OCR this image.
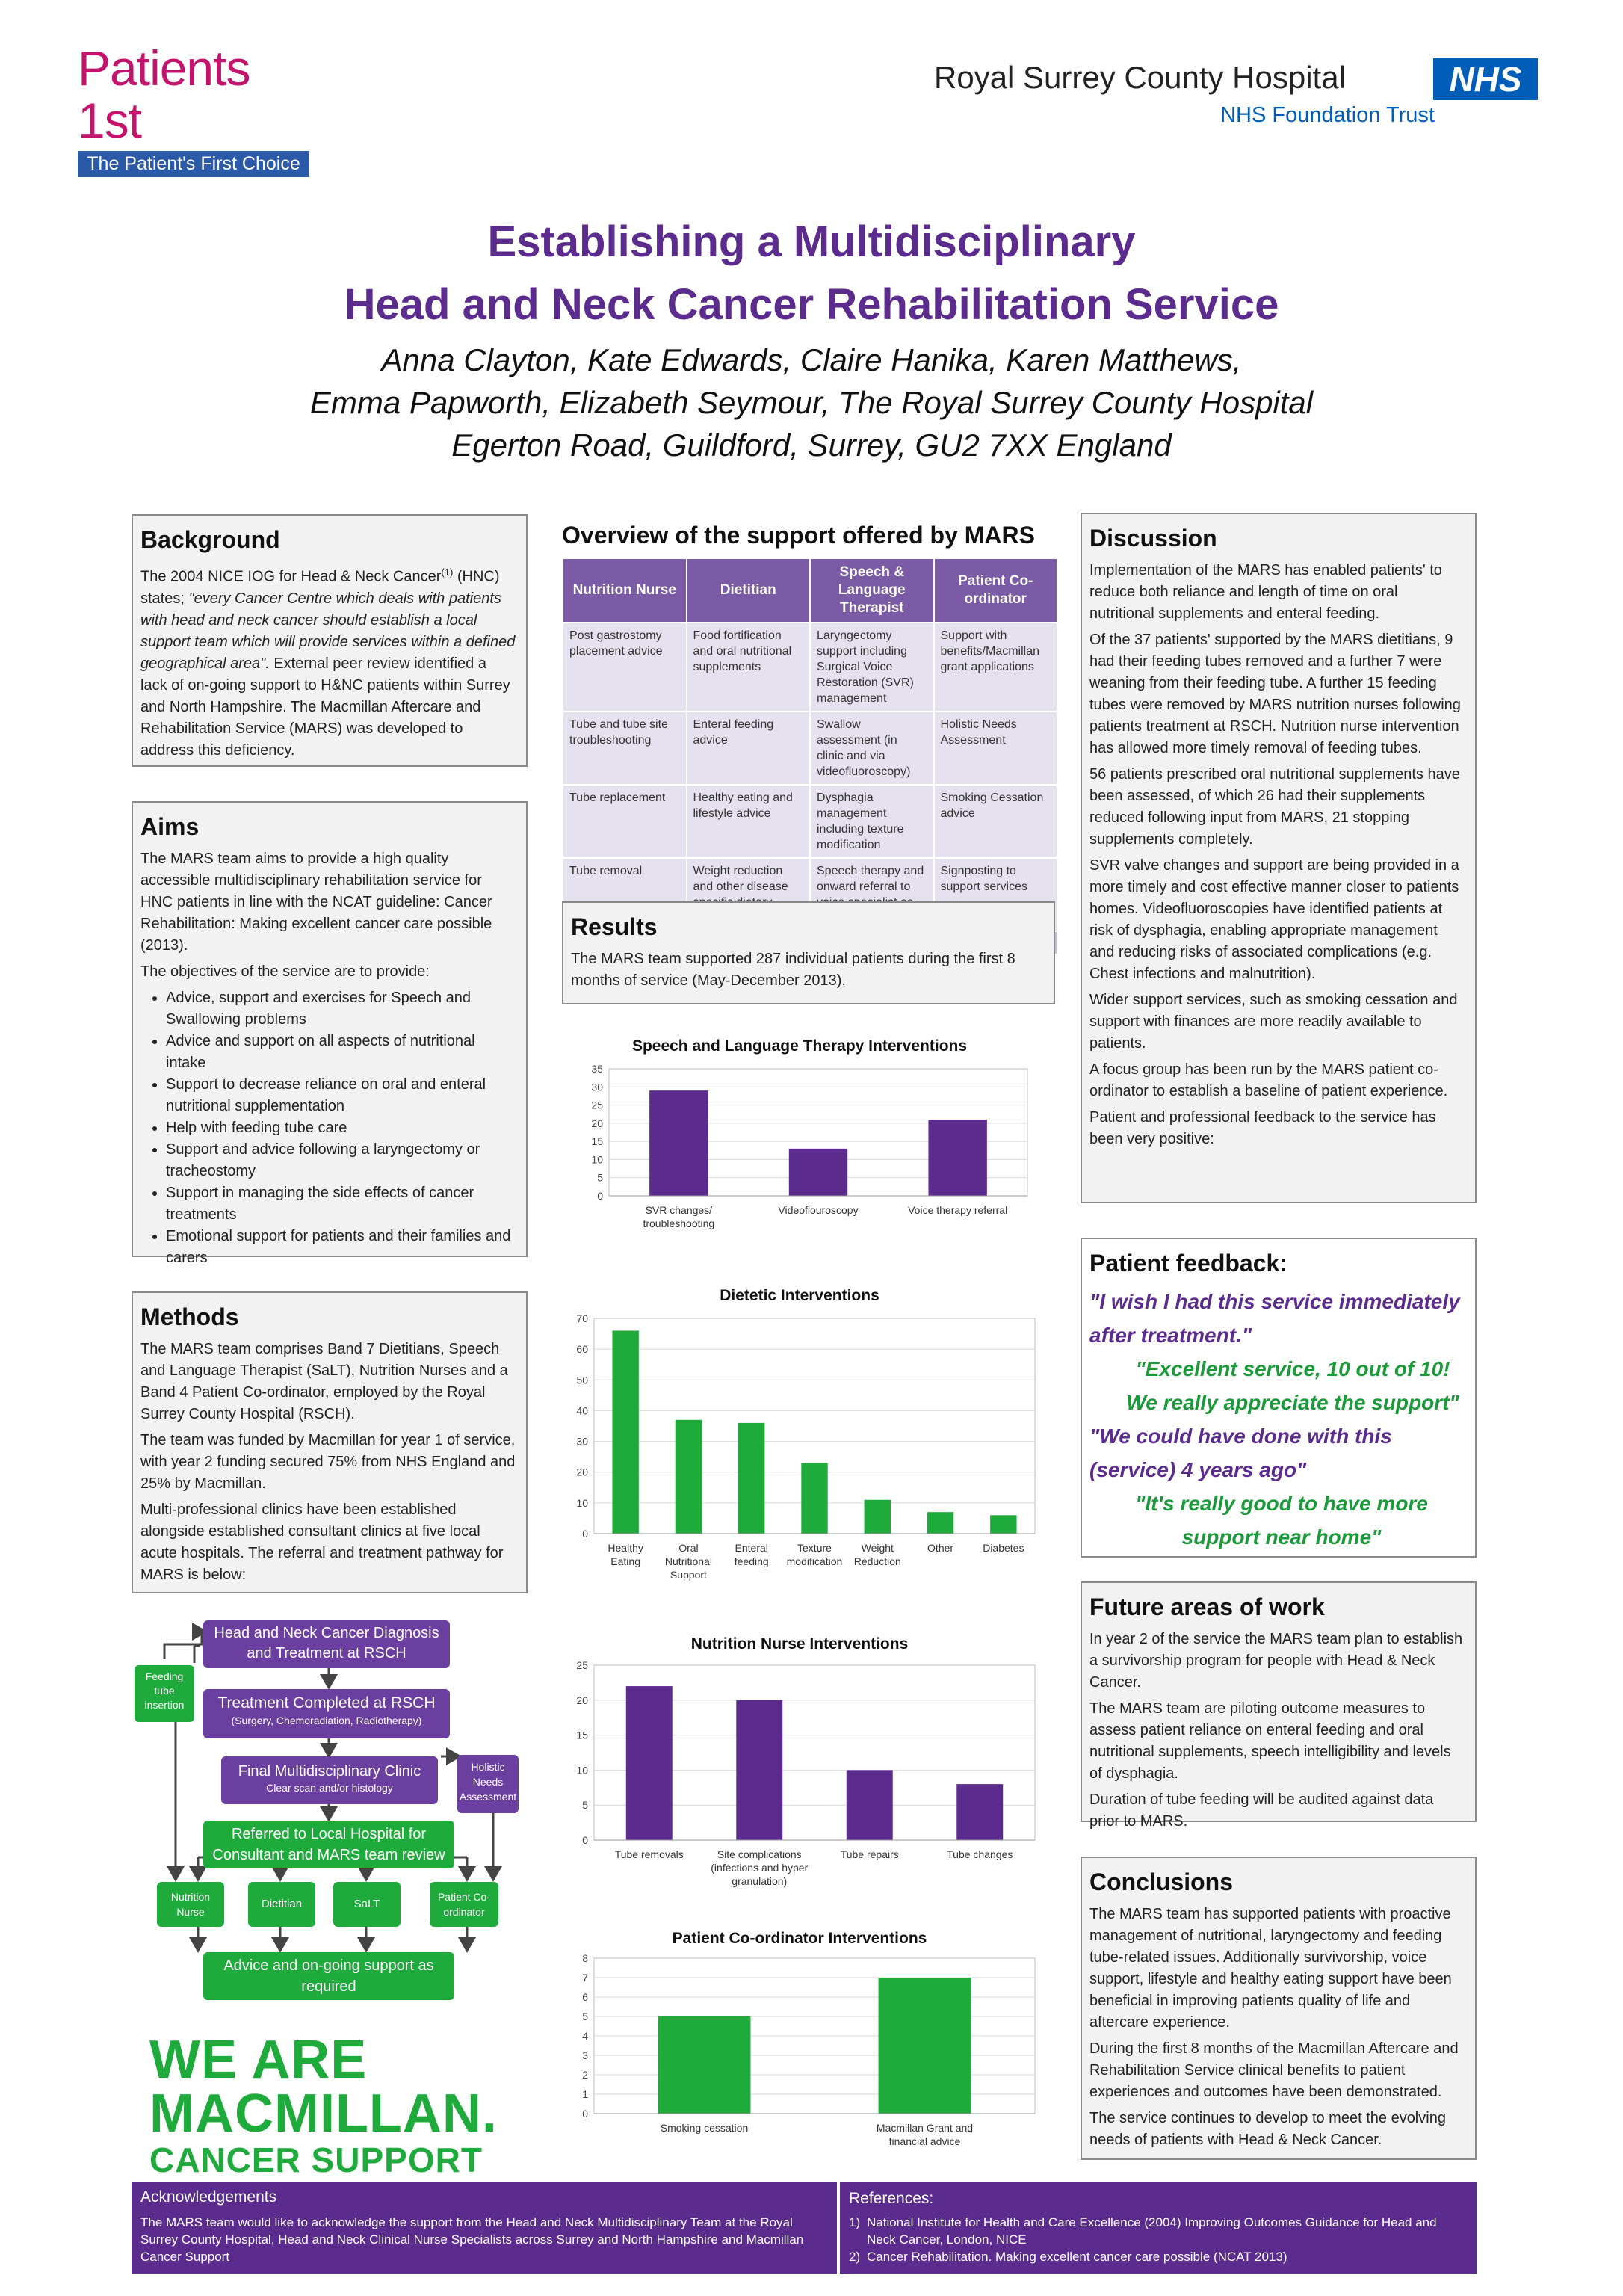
Patients 1st
The Patient's First Choice
Royal Surrey County Hospital	NHS
NHS Foundation Trust
Establishing a Multidisciplinary
Head and Neck Cancer Rehabilitation Service
Anna Clayton, Kate Edwards, Claire Hanika, Karen Matthews,
Emma Papworth, Elizabeth Seymour, The Royal Surrey County Hospital
Egerton Road, Guildford, Surrey, GU2 7XX England
Background

The 2004 NICE IOG for Head & Neck Cancer$^{(1)}$ (HNC) states; "every Cancer Centre which deals with patients with head and neck cancer should establish a local support team which will provide services within a defined geographical area". External peer review identified a lack of on-going support to H&NC patients within Surrey and North Hampshire. The Macmillan Aftercare and Rehabilitation Service (MARS) was developed to address this deficiency.

Aims

The MARS team aims to provide a high quality accessible multidisciplinary rehabilitation service for HNC patients in line with the NCAT guideline: Cancer Rehabilitation: Making excellent cancer care possible (2013).

The objectives of the service are to provide:

• Advice, support and exercises for Speech and Swallowing problems
• Advice and support on all aspects of nutritional intake
• Support to decrease reliance on oral and enteral nutritional supplementation
• Help with feeding tube care
• Support and advice following a laryngectomy or tracheostomy
• Support in managing the side effects of cancer treatments
• Emotional support for patients and their families and carers
Methods

The MARS team comprises Band 7 Dietitians, Speech and Language Therapist (SaLT), Nutrition Nurses and a Band 4 Patient Co-ordinator, employed by the Royal Surrey County Hospital (RSCH).

The team was funded by Macmillan for year 1 of service, with year 2 funding secured 75% from NHS England and 25% by Macmillan.

Multi-professional clinics have been established alongside established consultant clinics at five local acute hospitals. The referral and treatment pathway for MARS is below:

Head and Neck Cancer Diagnosis and Treatment at RSCH
Feeding tube insertion	Treatment Completed at RSCH
(Surgery, Chemoradiation, Radiotherapy)
Final Multidisciplinary Clinic
Clear scan and/or histology
Holistic Needs Assessment
Referred to Local Hospital for Consultant and MARS team review
Nutrition Nurse
Dietitian	SaLT
Patient Co-ordinator
Advice and on-going support as required
WE ARE
MACMILLAN.
CANCER SUPPORT
Overview of the support offered by MARS
Nutrition Nurse	Dietitian	Speech & Language Therapist	Patient Co-ordinator
Post gastrostomy placement advice	Food fortification and oral nutritional supplements	Laryngectomy support including Surgical Voice Restoration (SVR) management	Support with benefits/Macmillan grant applications
Tube and tube site troubleshooting	Enteral feeding advice	Swallow assessment (in clinic and via videofluoroscopy)	Holistic Needs Assessment
Tube replacement	Healthy eating and lifestyle advice	Dysphagia management including texture modification	Smoking Cessation advice
Tube removal	Weight reduction and other disease	Speech therapy and onward referral to	Signposting to support services

Results

The MARS team supported 287 individual patients during the first 8 months of service (May-December 2013).

Speech and Language Therapy Interventions
0
5
10
15
20
25
30
35
SVR changes/ troubleshooting
Videoflouroscopy	Voice therapy referral
Dietetic Interventions
0
10
20
30
40
50
60
70
Healthy Eating
Oral Nutritional Support
Enteral feeding
Texture modification
Weight Reduction
Other	Diabetes
Nutrition Nurse Interventions
0
5
10
15
20
25
Tube removals	Site complications (infections and hyper granulation)
Tube repairs	Tube changes
Patient Co-ordinator Interventions
0
1
2
3
4
5
6
7
8
Smoking cessation	Macmillan Grant and financial advice
Discussion

Implementation of the MARS has enabled patients' to reduce both reliance and length of time on oral nutritional supplements and enteral feeding.

Of the 37 patients' supported by the MARS dietitians, 9 had their feeding tubes removed and a further 7 were weaning from their feeding tube. A further 15 feeding tubes were removed by MARS nutrition nurses following patients treatment at RSCH. Nutrition nurse intervention has allowed more timely removal of feeding tubes.

56 patients prescribed oral nutritional supplements have been assessed, of which 26 had their supplements reduced following input from MARS, 21 stopping supplements completely.

SVR valve changes and support are being provided in a more timely and cost effective manner closer to patients homes. Videofluoroscopies have identified patients at risk of dysphagia, enabling appropriate management and reducing risks of associated complications (e.g. Chest infections and malnutrition).

Wider support services, such as smoking cessation and support with finances are more readily available to patients.

A focus group has been run by the MARS patient co-ordinator to establish a baseline of patient experience.

Patient and professional feedback to the service has been very positive:

Patient feedback:
"I wish I had this service immediately after treatment."
"Excellent service, 10 out of 10! We really appreciate the support"
"We could have done with this (service) 4 years ago"
"It's really good to have more support near home"
Future areas of work

In year 2 of the service the MARS team plan to establish a survivorship program for people with Head & Neck Cancer.

The MARS team are piloting outcome measures to assess patient reliance on enteral feeding and oral nutritional supplements, speech intelligibility and levels of dysphagia.

Duration of tube feeding will be audited against data prior to MARS.

Conclusions

The MARS team has supported patients with proactive management of nutritional, laryngectomy and feeding tube-related issues. Additionally survivorship, voice support, lifestyle and healthy eating support have been beneficial in improving patients quality of life and aftercare experience.

During the first 8 months of the Macmillan Aftercare and Rehabilitation Service clinical benefits to patient experiences and outcomes have been demonstrated.

The service continues to develop to meet the evolving needs of patients with Head & Neck Cancer.

Acknowledgements
The MARS team would like to acknowledge the support from the Head and Neck Multidisciplinary Team at the Royal Surrey County Hospital, Head and Neck Clinical Nurse Specialists across Surrey and North Hampshire and Macmillan Cancer Support
References:
1) National Institute for Health and Care Excellence (2004) Improving Outcomes Guidance for Head and Neck Cancer, London, NICE
2) Cancer Rehabilitation. Making excellent cancer care possible (NCAT 2013)
